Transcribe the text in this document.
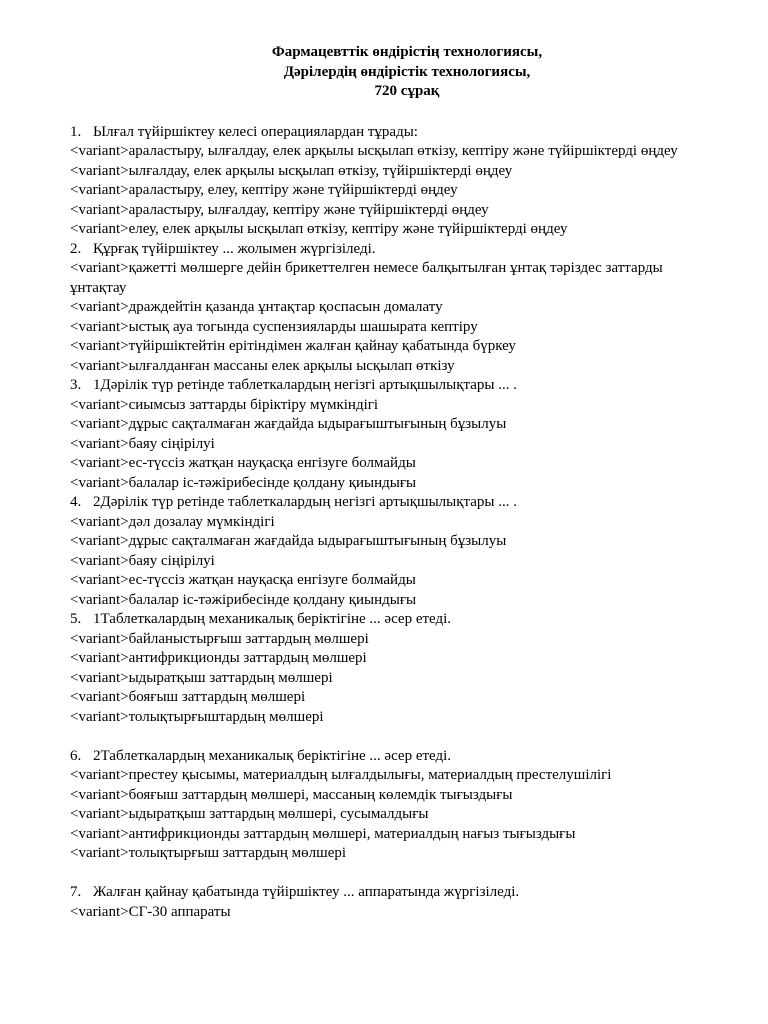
Фармацевттік өндірістің технологиясы,
Дәрілердің өндірістік технологиясы,
720 сұрақ
1. Ылғал түйіршіктеу келесі операциялардан тұрады:
<variant>араластыру, ылғалдау, елек арқылы ысқылап өткізу, кептіру және түйіршіктерді өңдеу
<variant>ылғалдау, елек арқылы ысқылап өткізу, түйіршіктерді өңдеу
<variant>араластыру, елеу, кептіру және түйіршіктерді өңдеу
<variant>араластыру, ылғалдау, кептіру және түйіршіктерді өңдеу
<variant>елеу, елек арқылы ысқылап өткізу, кептіру және түйіршіктерді өңдеу
2. Құрғақ түйіршіктеу ... жолымен жүргізіледі.
<variant>қажетті мөлшерге дейін брикеттелген немесе балқытылған ұнтақ тәріздес заттарды ұнтақтау
<variant>драждейтін қазанда ұнтақтар қоспасын домалату
<variant>ыстық ауа тогында суспензияларды шашырата кептіру
<variant>түйіршіктейтін ерітіндімен жалған қайнау қабатында бүркеу
<variant>ылғалданған массаны елек арқылы ысқылап өткізу
3. 1Дәрілік түр ретінде таблеткалардың негізгі артықшылықтары ... .
<variant>сиымсыз заттарды біріктіру мүмкіндігі
<variant>дұрыс сақталмаған жағдайда ыдырағыштығының бұзылуы
<variant>баяу сіңірілуі
<variant>ес-түссіз жатқан науқасқа енгізуге болмайды
<variant>балалар іс-тәжірибесінде қолдану қиындығы
4. 2Дәрілік түр ретінде таблеткалардың негізгі артықшылықтары ... .
<variant>дәл дозалау мүмкіндігі
<variant>дұрыс сақталмаған жағдайда ыдырағыштығының бұзылуы
<variant>баяу сіңірілуі
<variant>ес-түссіз жатқан науқасқа енгізуге болмайды
<variant>балалар іс-тәжірибесінде қолдану қиындығы
5. 1Таблеткалардың механикалық беріктігіне ... әсер етеді.
<variant>байланыстырғыш заттардың мөлшері
<variant>антифрикционды заттардың мөлшері
<variant>ыдыратқыш заттардың мөлшері
<variant>бояғыш заттардың мөлшері
<variant>толықтырғыштардың мөлшері
6. 2Таблеткалардың механикалық беріктігіне ... әсер етеді.
<variant>престеу қысымы, материалдың ылғалдылығы, материалдың престелушілігі
<variant>бояғыш заттардың мөлшері, массаның көлемдік тығыздығы
<variant>ыдыратқыш заттардың мөлшері, сусымалдығы
<variant>антифрикционды заттардың мөлшері, материалдың нағыз тығыздығы
<variant>толықтырғыш заттардың мөлшері
7. Жалған қайнау қабатында түйіршіктеу ... аппаратында жүргізіледі.
<variant>СГ-30 аппараты
